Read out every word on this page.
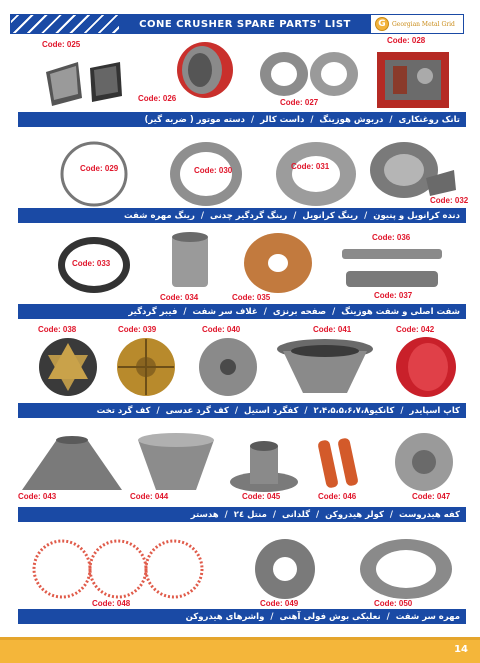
CONE CRUSHER SPARE PARTS' LIST	G	Georgian Metal Grid
Code: 025
Code: 026	Code: 027
Code: 028
تانک روغنکاری
/
دربوش هوزینگ
/
داست کالر
/
دسته موتور ( ضربه گیر)
Code: 029	Code: 030	Code: 031
Code: 032
دنده کرانویل و پنیون
/
رینگ کرانویل
/
رینگ گردگیر چدنی
/
رینگ مهره شفت
Code: 033
Code: 034	Code: 035
Code: 036
Code: 037
شفت اصلی و شفت هوزینگ
/
صفحه برنزی
/
غلاف سر شفت
/
فیبر گردگیر
Code: 038	Code: 039	Code: 040	Code: 041	Code: 042
کاپ اسپایدر
/
کانکیو۲،۴،۵،۵،۶،۷،۸
/
کفگرد استیل
/
کف گرد عدسی
/
کف گرد تخت
Code: 043	Code: 044	Code: 045	Code: 046	Code: 047
کفه هیدروست
/
کولر هیدروکن
/
گلدانی
/
منتل ۲٤
/
هدستر
Code: 048	Code: 049	Code: 050
مهره سر شفت
/
نعلبکی بوش فولی آهنی
/
واشرهای هیدروکن
14
